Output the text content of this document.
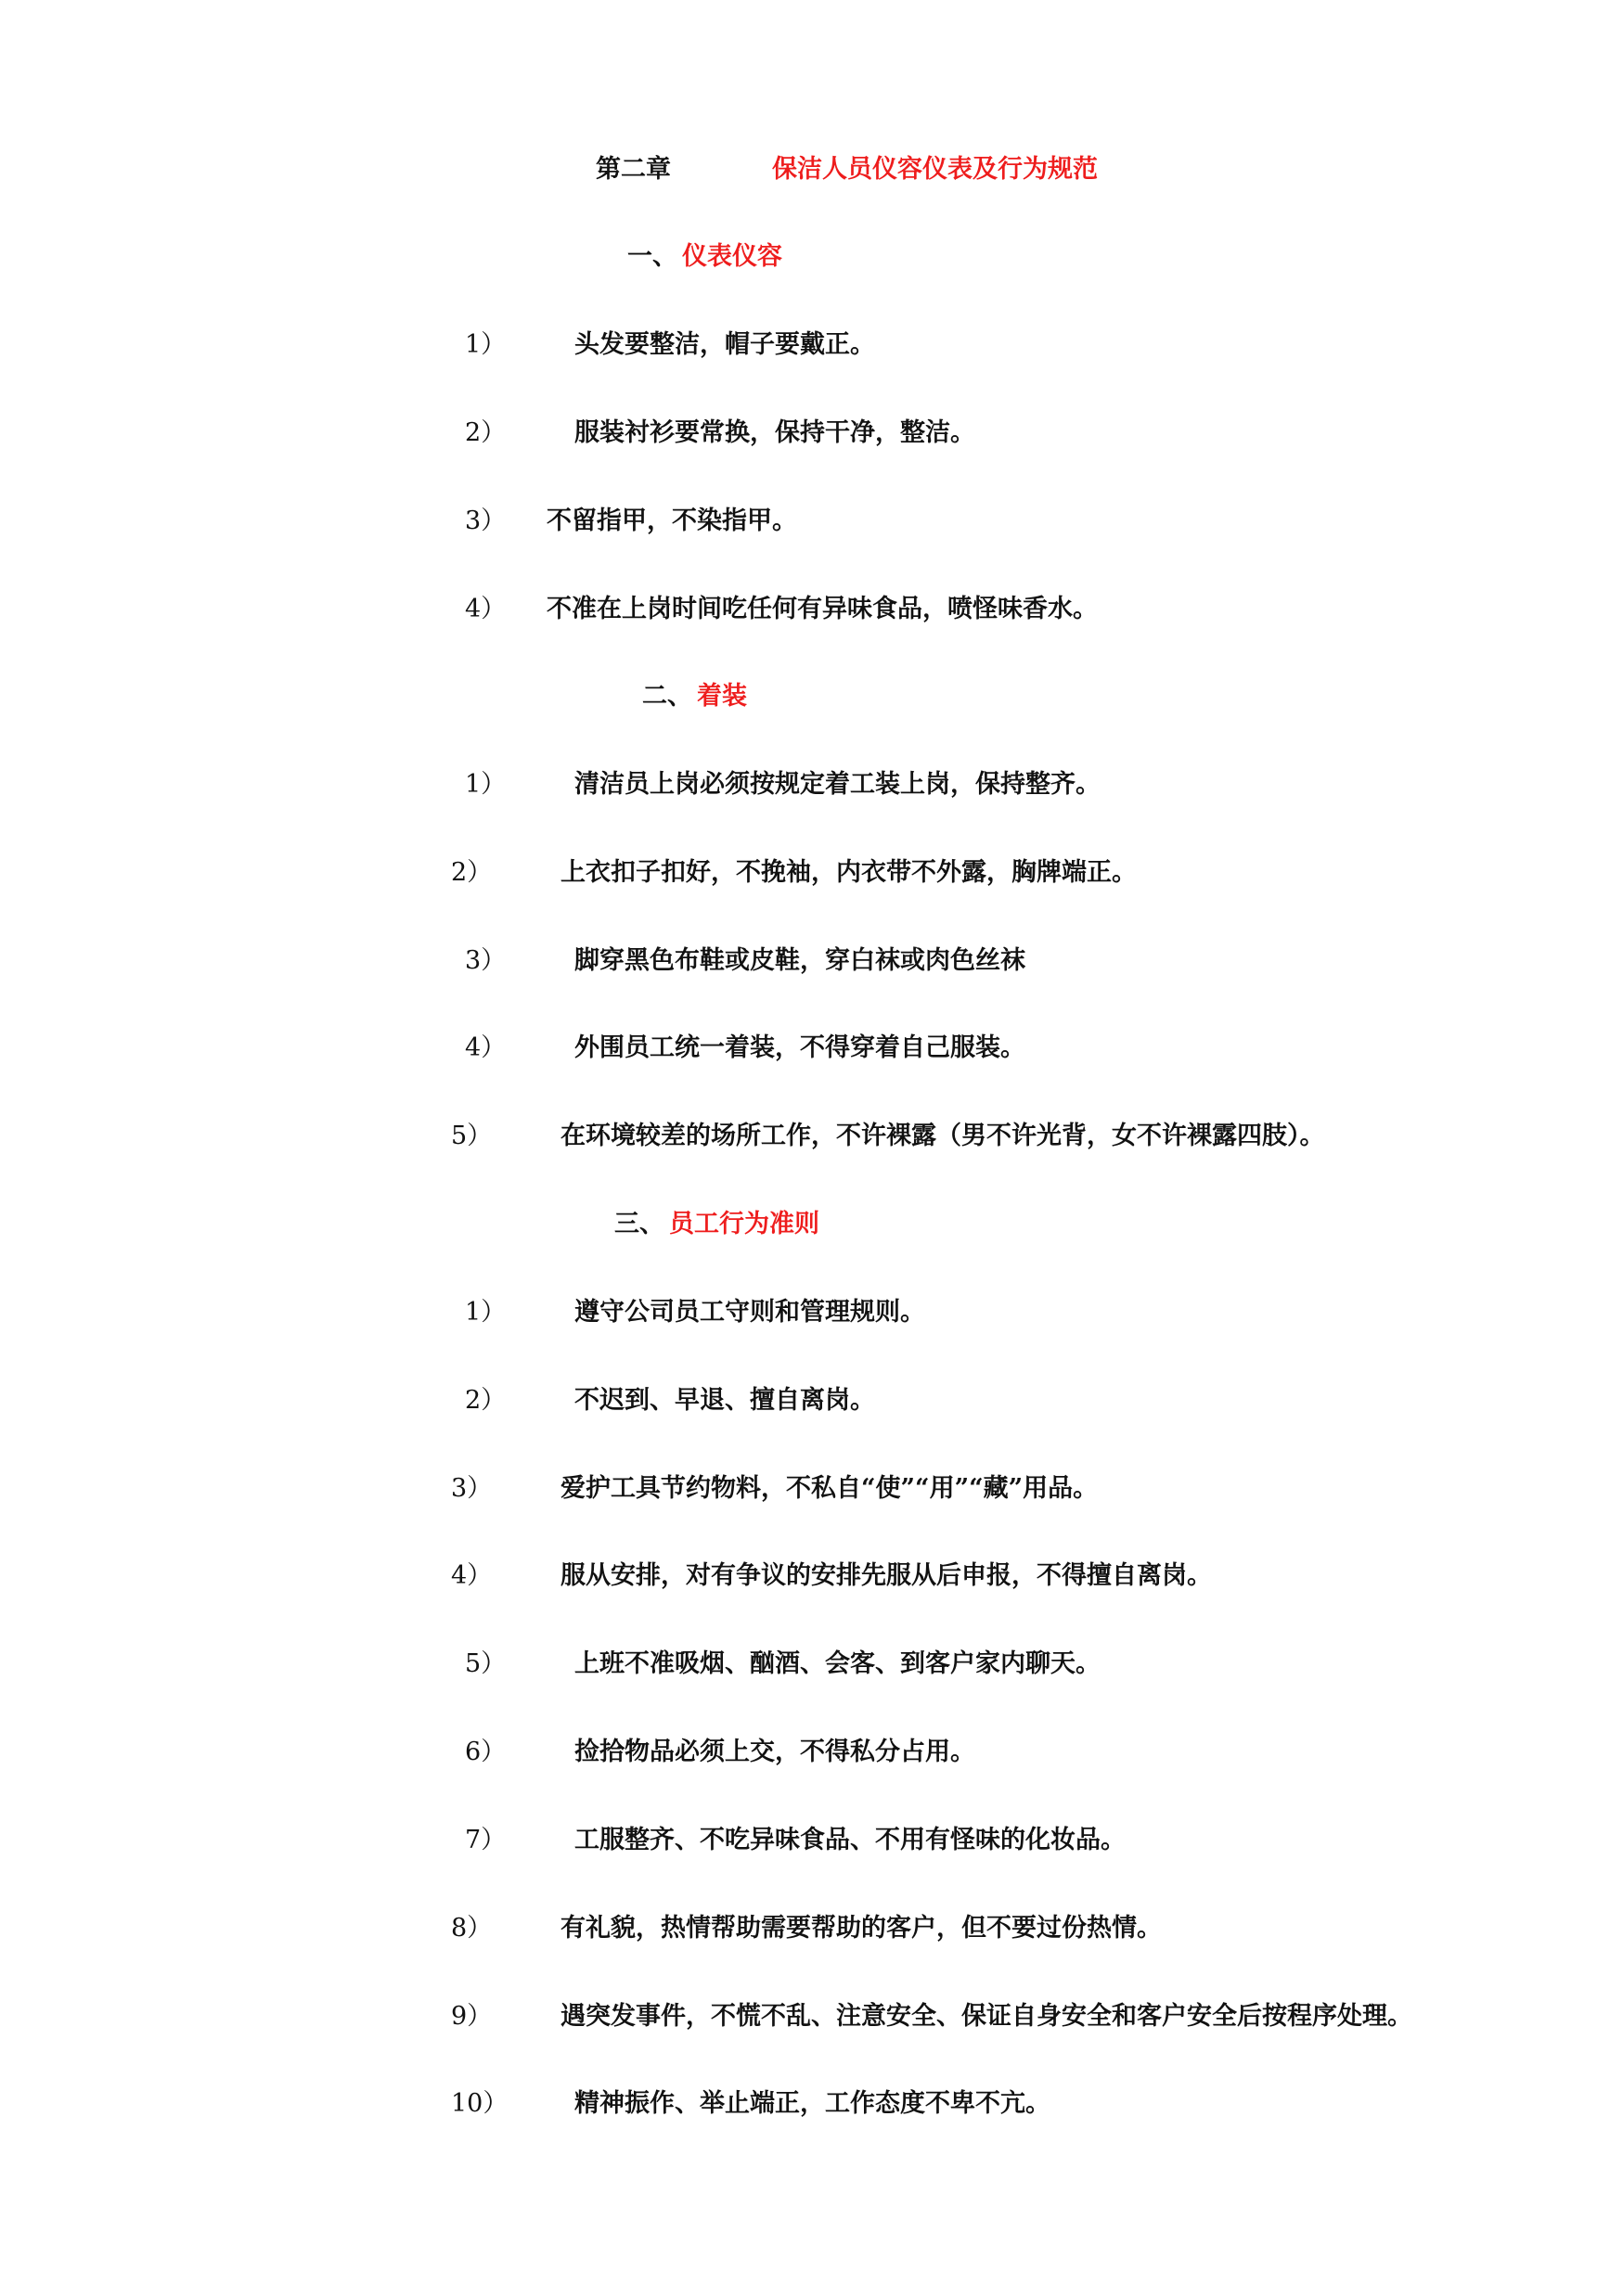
第二章	保洁人员仪容仪表及行为规范
一、 仪表仪容
1）	头发要整洁，帽子要戴正。
2）	服装衬衫要常换，保持干净，整洁。
3） 不留指甲，不染指甲。
4） 不准在上岗时间吃任何有异味食品，喷怪味香水。
二、 着装
1）	清洁员上岗必须按规定着工装上岗，保持整齐。
2）	上衣扣子扣好，不挽袖，内衣带不外露，胸牌端正。
3）	脚穿黑色布鞋或皮鞋，穿白袜或肉色丝袜
4）	外围员工统一着装，不得穿着自己服装。
5）	在环境较差的场所工作，不许裸露（男不许光背，女不许裸露四肢）。
三、 员工行为准则
1）	遵守公司员工守则和管理规则。
2）	不迟到、早退、擅自离岗。
3）	爱护工具节约物料，不私自“使”“用”“藏”用品。
4）	服从安排，对有争议的安排先服从后申报，不得擅自离岗。
5）	上班不准吸烟、酗酒、会客、到客户家内聊天。
6）	捡拾物品必须上交，不得私分占用。
7）	工服整齐、不吃异味食品、不用有怪味的化妆品。
8）	有礼貌，热情帮助需要帮助的客户，但不要过份热情。
9）	遇突发事件，不慌不乱、注意安全、保证自身安全和客户安全后按程序处理。
10）	精神振作、举止端正，工作态度不卑不亢。
